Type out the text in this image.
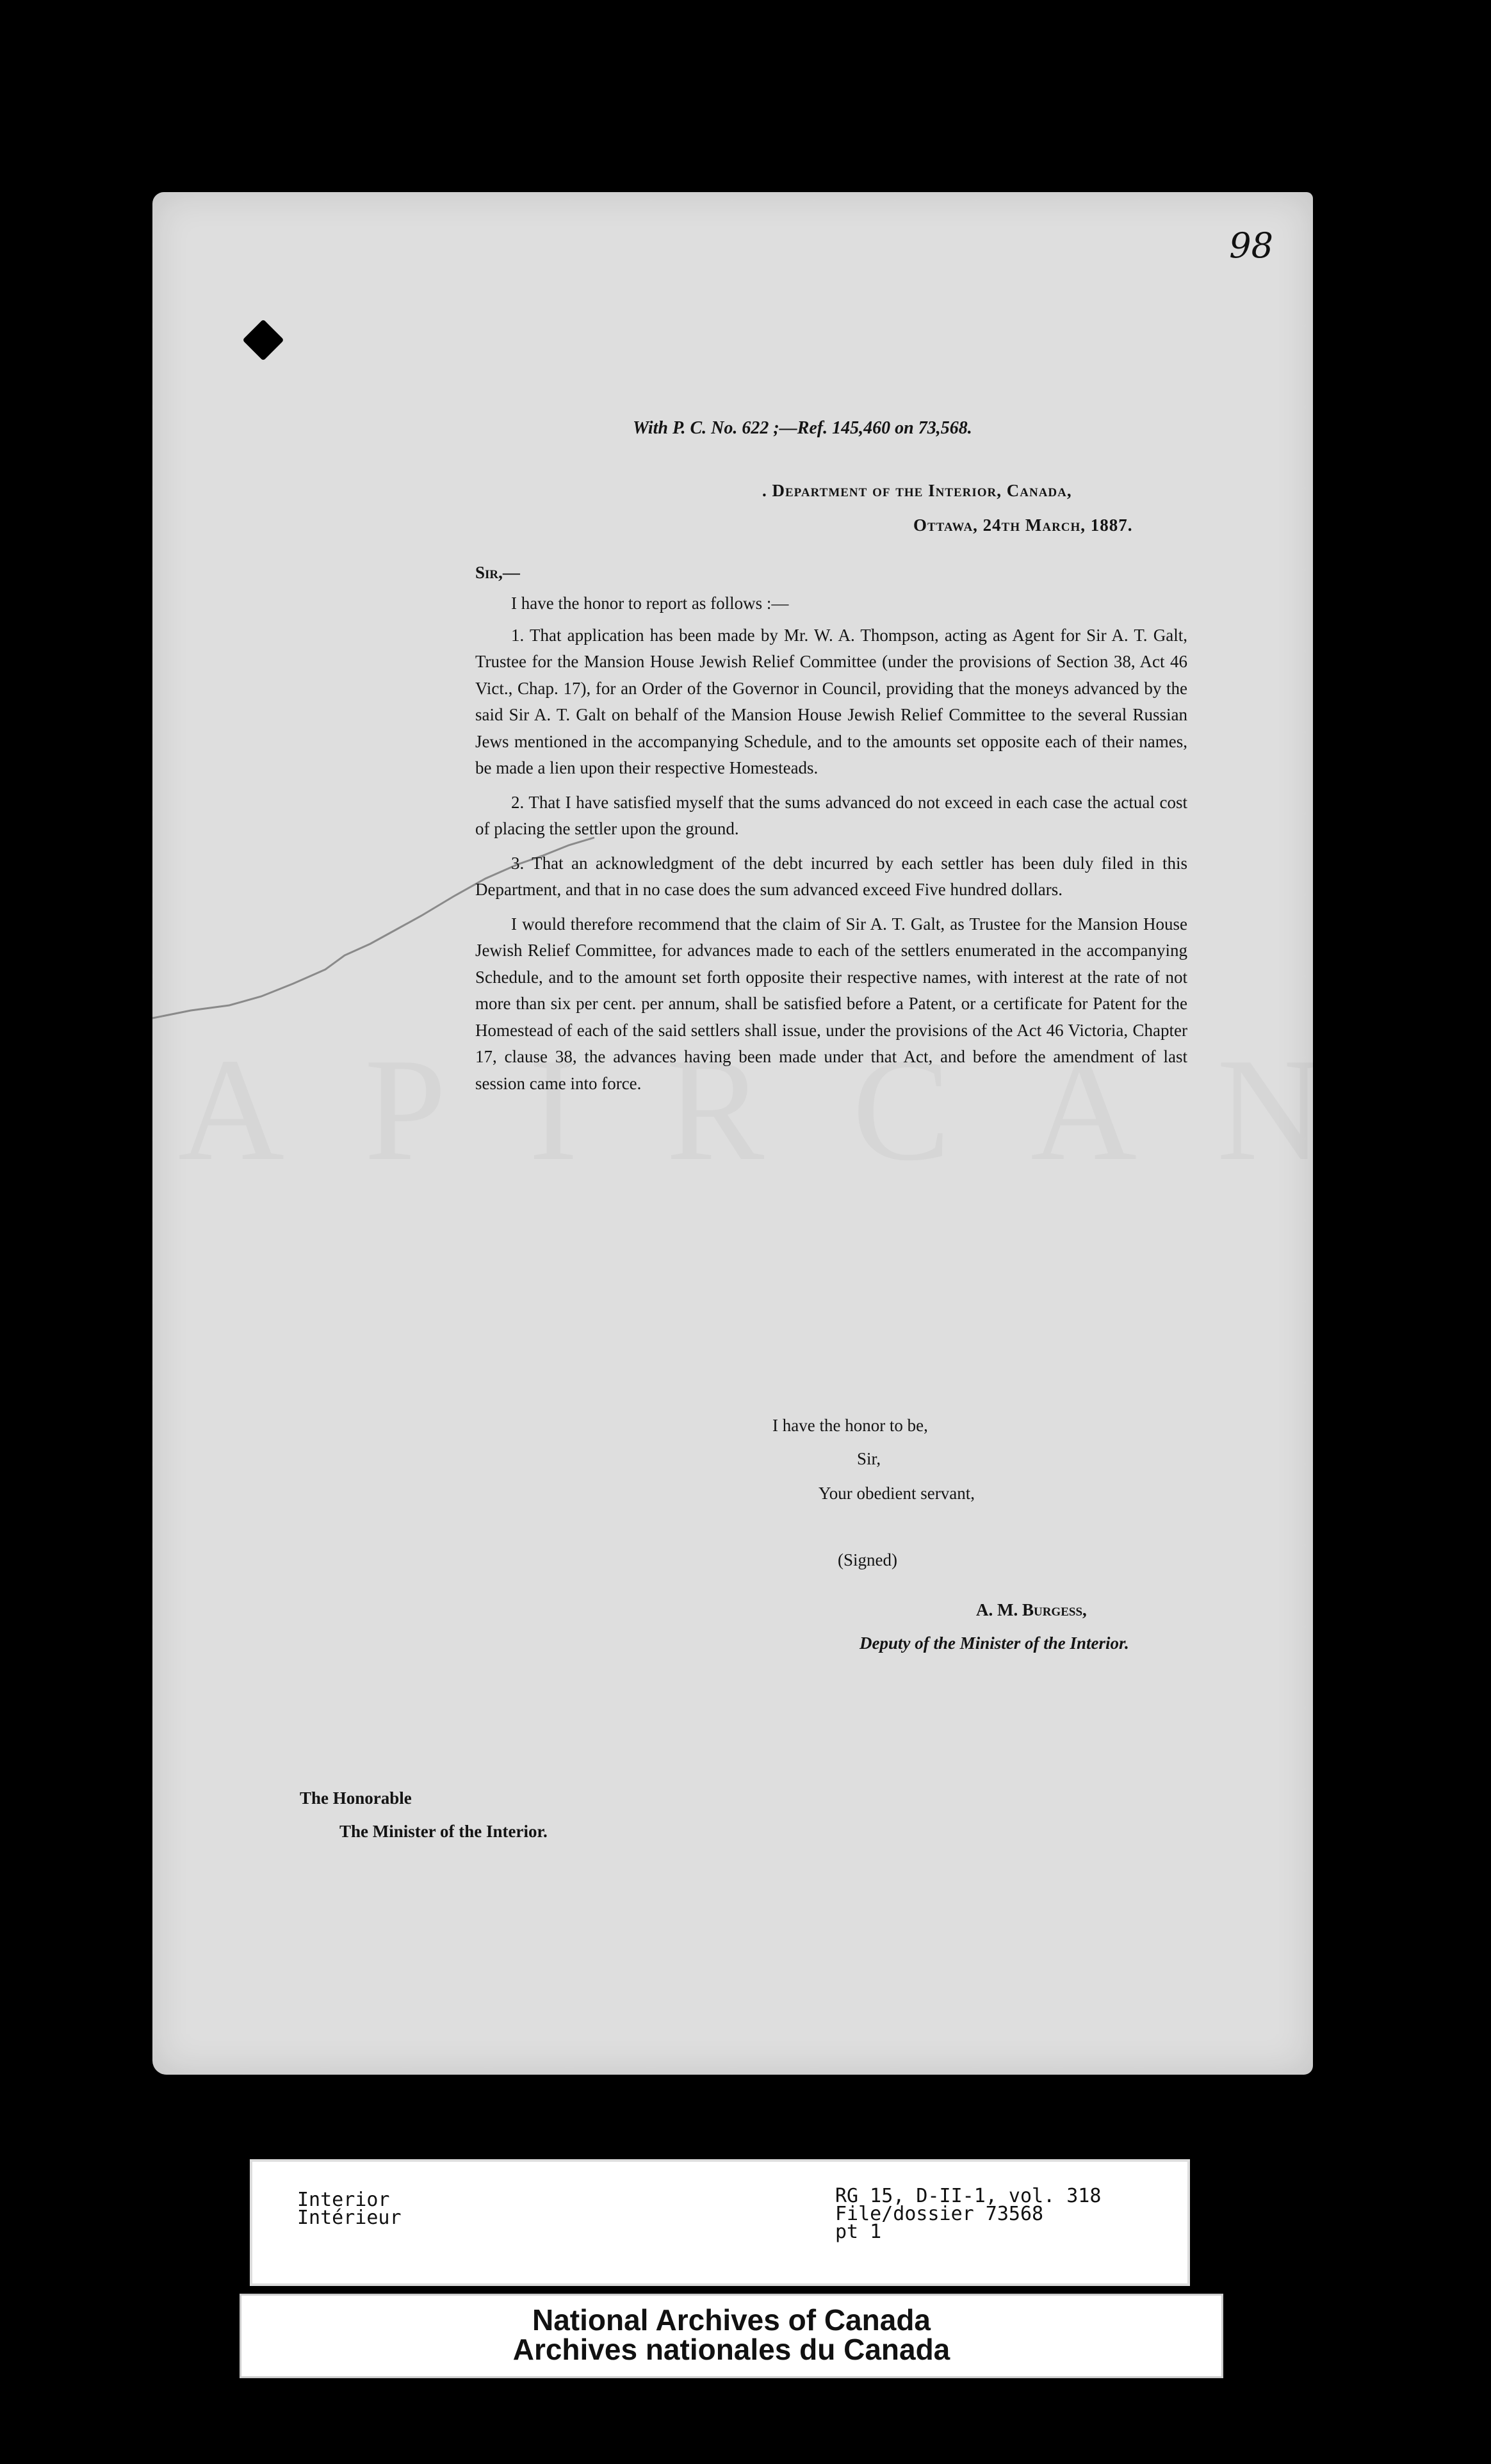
98
With P. C. No. 622 ;—Ref. 145,460 on 73,568.
. Department of the Interior, Canada,
Ottawa, 24th March, 1887.
Sir,—

I have the honor to report as follows :—

1. That application has been made by Mr. W. A. Thompson, acting as Agent for Sir A. T. Galt, Trustee for the Mansion House Jewish Relief Committee (under the provisions of Section 38, Act 46 Vict., Chap. 17), for an Order of the Governor in Council, providing that the moneys advanced by the said Sir A. T. Galt on behalf of the Mansion House Jewish Relief Committee to the several Russian Jews mentioned in the accompanying Schedule, and to the amounts set opposite each of their names, be made a lien upon their respective Homesteads.

2. That I have satisfied myself that the sums advanced do not exceed in each case the actual cost of placing the settler upon the ground.

3. That an acknowledgment of the debt incurred by each settler has been duly filed in this Department, and that in no case does the sum advanced exceed Five hundred dollars.

I would therefore recommend that the claim of Sir A. T. Galt, as Trustee for the Mansion House Jewish Relief Committee, for advances made to each of the settlers enumerated in the accompanying Schedule, and to the amount set forth opposite their respective names, with interest at the rate of not more than six per cent. per annum, shall be satisfied before a Patent, or a certificate for Patent for the Homestead of each of the said settlers shall issue, under the provisions of the Act 46 Victoria, Chapter 17, clause 38, the advances having been made under that Act, and before the amendment of last session came into force.

I have the honor to be,
Sir,
Your obedient servant,
(Signed)
A. M. Burgess,
Deputy of the Minister of the Interior.
The Honorable
The Minister of the Interior.
Interior
Intérieur
RG 15, D-II-1, vol. 318
File/dossier 73568
pt 1
National Archives of Canada
Archives nationales du Canada
